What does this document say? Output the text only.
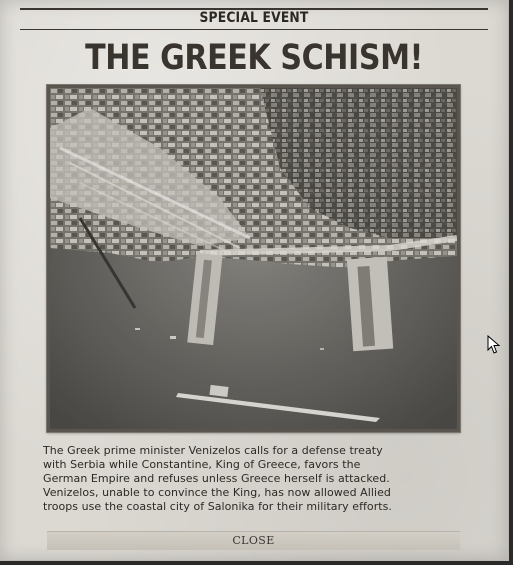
SPECIAL EVENT
THE GREEK SCHISM!

The Greek prime minister Venizelos calls for a defense treaty

with Serbia while Constantine, King of Greece, favors the

German Empire and refuses unless Greece herself is attacked.

Venizelos, unable to convince the King, has now allowed Allied

troops use the coastal city of Salonika for their military efforts.

CLOSE
